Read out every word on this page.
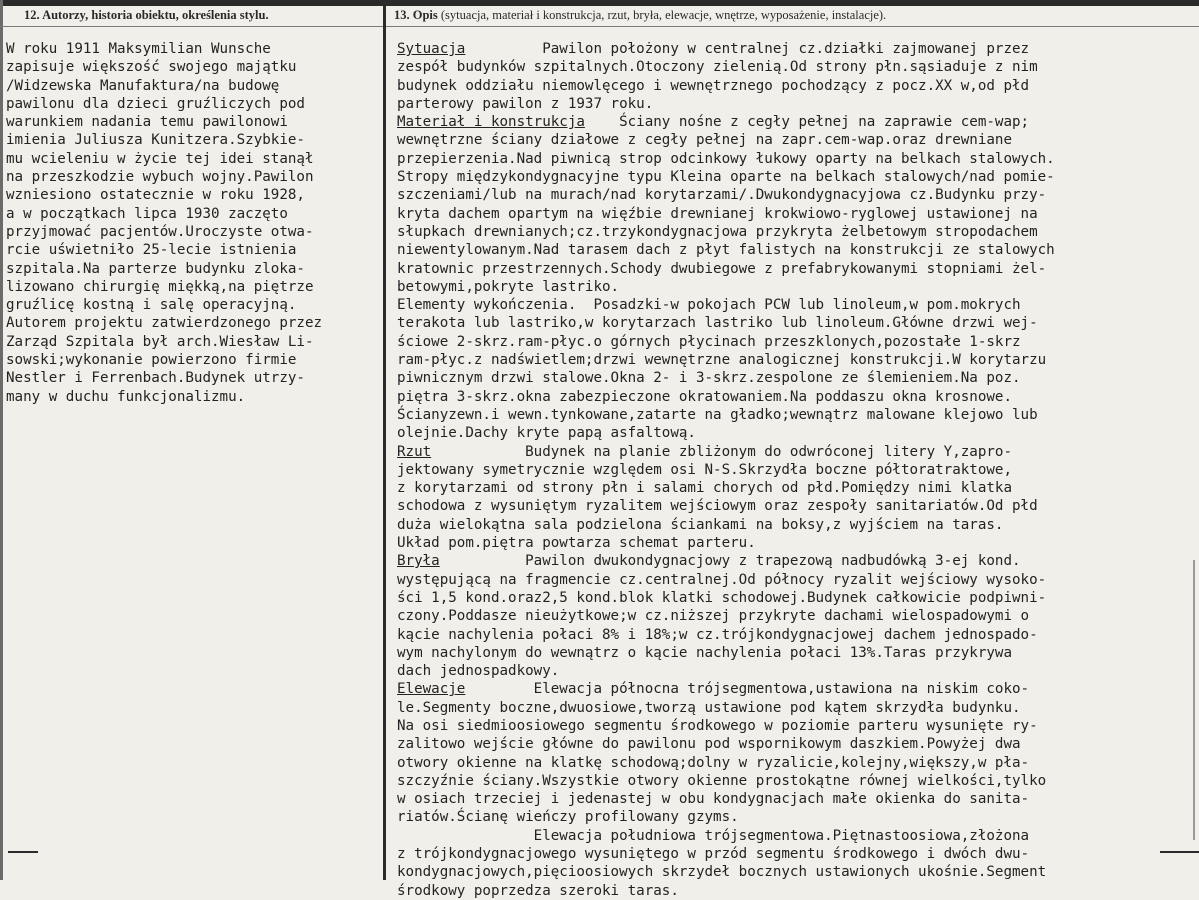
12. Autorzy, historia obiektu, określenia stylu.	13. Opis (sytuacja, materiał i konstrukcja, rzut, bryła, elewacje, wnętrze, wyposażenie, instalacje).
W roku 1911 Maksymilian Wunsche
zapisuje większość swojego majątku
/Widzewska Manufaktura/na budowę
pawilonu dla dzieci gruźliczych pod
warunkiem nadania temu pawilonowi
imienia Juliusza Kunitzera.Szybkie-
mu wcieleniu w życie tej idei stanął
na przeszkodzie wybuch wojny.Pawilon
wzniesiono ostatecznie w roku 1928,
a w początkach lipca 1930 zaczęto
przyjmować pacjentów.Uroczyste otwa-
rcie uświetniło 25-lecie istnienia
szpitala.Na parterze budynku zloka-
lizowano chirurgię miękką,na piętrze
gruźlicę kostną i salę operacyjną.
Autorem projektu zatwierdzonego przez
Zarząd Szpitala był arch.Wiesław Li-
sowski;wykonanie powierzono firmie
Nestler i Ferrenbach.Budynek utrzy-
many w duchu funkcjonalizmu.
Sytuacja         Pawilon położony w centralnej cz.działki zajmowanej przez
zespół budynków szpitalnych.Otoczony zielenią.Od strony płn.sąsiaduje z nim
budynek oddziału niemowlęcego i wewnętrznego pochodzący z pocz.XX w,od płd
parterowy pawilon z 1937 roku.
Materiał i konstrukcja    Ściany nośne z cegły pełnej na zaprawie cem-wap;
wewnętrzne ściany działowe z cegły pełnej na zapr.cem-wap.oraz drewniane
przepierzenia.Nad piwnicą strop odcinkowy łukowy oparty na belkach stalowych.
Stropy międzykondygnacyjne typu Kleina oparte na belkach stalowych/nad pomie-
szczeniami/lub na murach/nad korytarzami/.Dwukondygnacyjowa cz.Budynku przy-
kryta dachem opartym na więźbie drewnianej krokwiowo-ryglowej ustawionej na
słupkach drewnianych;cz.trzykondygnacjowa przykryta żelbetowym stropodachem
niewentylowanym.Nad tarasem dach z płyt falistych na konstrukcji ze stalowych
kratownic przestrzennych.Schody dwubiegowe z prefabrykowanymi stopniami żel-
betowymi,pokryte lastriko.
Elementy wykończenia.  Posadzki-w pokojach PCW lub linoleum,w pom.mokrych
terakota lub lastriko,w korytarzach lastriko lub linoleum.Główne drzwi wej-
ściowe 2-skrz.ram-płyc.o górnych płycinach przeszklonych,pozostałe 1-skrz
ram-płyc.z nadświetlem;drzwi wewnętrzne analogicznej konstrukcji.W korytarzu
piwnicznym drzwi stalowe.Okna 2- i 3-skrz.zespolone ze ślemieniem.Na poz.
piętra 3-skrz.okna zabezpieczone okratowaniem.Na poddaszu okna krosnowe.
Ścianyzewn.i wewn.tynkowane,zatarte na gładko;wewnątrz malowane klejowo lub
olejnie.Dachy kryte papą asfaltową.
Rzut           Budynek na planie zbliżonym do odwróconej litery Y,zapro-
jektowany symetrycznie względem osi N-S.Skrzydła boczne półtoratraktowe,
z korytarzami od strony płn i salami chorych od płd.Pomiędzy nimi klatka
schodowa z wysuniętym ryzalitem wejściowym oraz zespoły sanitariatów.Od płd
duża wielokątna sala podzielona ściankami na boksy,z wyjściem na taras.
Układ pom.piętra powtarza schemat parteru.
Bryła          Pawilon dwukondygnacjowy z trapezową nadbudówką 3-ej kond.
występującą na fragmencie cz.centralnej.Od północy ryzalit wejściowy wysoko-
ści 1,5 kond.oraz2,5 kond.blok klatki schodowej.Budynek całkowicie podpiwni-
czony.Poddasze nieużytkowe;w cz.niższej przykryte dachami wielospadowymi o
kącie nachylenia połaci 8% i 18%;w cz.trójkondygnacjowej dachem jednospado-
wym nachylonym do wewnątrz o kącie nachylenia połaci 13%.Taras przykrywa
dach jednospadkowy.
Elewacje        Elewacja północna trójsegmentowa,ustawiona na niskim coko-
le.Segmenty boczne,dwuosiowe,tworzą ustawione pod kątem skrzydła budynku.
Na osi siedmioosiowego segmentu środkowego w poziomie parteru wysunięte ry-
zalitowo wejście główne do pawilonu pod wspornikowym daszkiem.Powyżej dwa
otwory okienne na klatkę schodową;dolny w ryzalicie,kolejny,większy,w pła-
szczyźnie ściany.Wszystkie otwory okienne prostokątne równej wielkości,tylko
w osiach trzeciej i jedenastej w obu kondygnacjach małe okienka do sanita-
riatów.Ścianę wieńczy profilowany gzyms.
Elewacja południowa trójsegmentowa.Piętnastoosiowa,złożona
z trójkondygnacjowego wysuniętego w przód segmentu środkowego i dwóch dwu-
kondygnacjowych,pięcioosiowych skrzydeł bocznych ustawionych ukośnie.Segment
środkowy poprzedza szeroki taras.
